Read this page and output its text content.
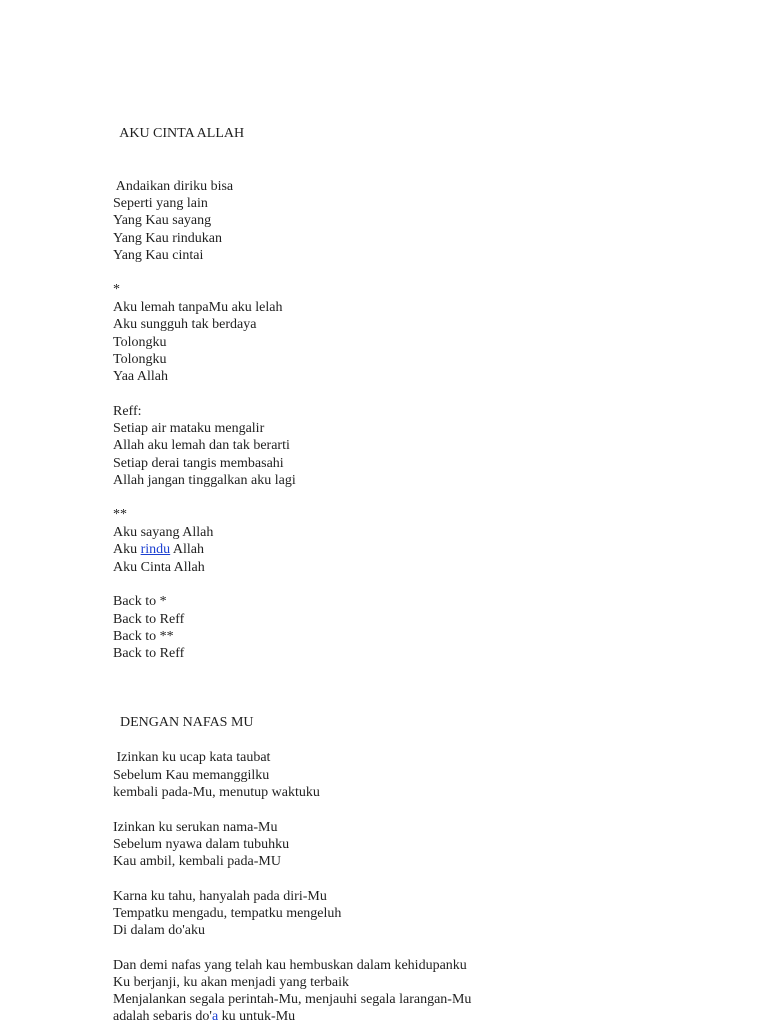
AKU CINTA ALLAH
Andaikan diriku bisa
Seperti yang lain
Yang Kau sayang
Yang Kau rindukan
Yang Kau cintai
*
Aku lemah tanpaMu aku lelah
Aku sungguh tak berdaya
Tolongku
Tolongku
Yaa Allah
Reff:
Setiap air mataku mengalir
Allah aku lemah dan tak berarti
Setiap derai tangis membasahi
Allah jangan tinggalkan aku lagi
**
Aku sayang Allah
Aku rindu Allah
Aku Cinta Allah
Back to *
Back to Reff
Back to **
Back to Reff
DENGAN NAFAS MU
Izinkan ku ucap kata taubat
Sebelum Kau memanggilku
kembali pada-Mu, menutup waktuku
Izinkan ku serukan nama-Mu
Sebelum nyawa dalam tubuhku
Kau ambil, kembali pada-MU
Karna ku tahu, hanyalah pada diri-Mu
Tempatku mengadu, tempatku mengeluh
Di dalam do'aku
Dan demi nafas yang telah kau hembuskan dalam kehidupanku
Ku berjanji, ku akan menjadi yang terbaik
Menjalankan segala perintah-Mu, menjauhi segala larangan-Mu
adalah sebaris do'a ku untuk-Mu
